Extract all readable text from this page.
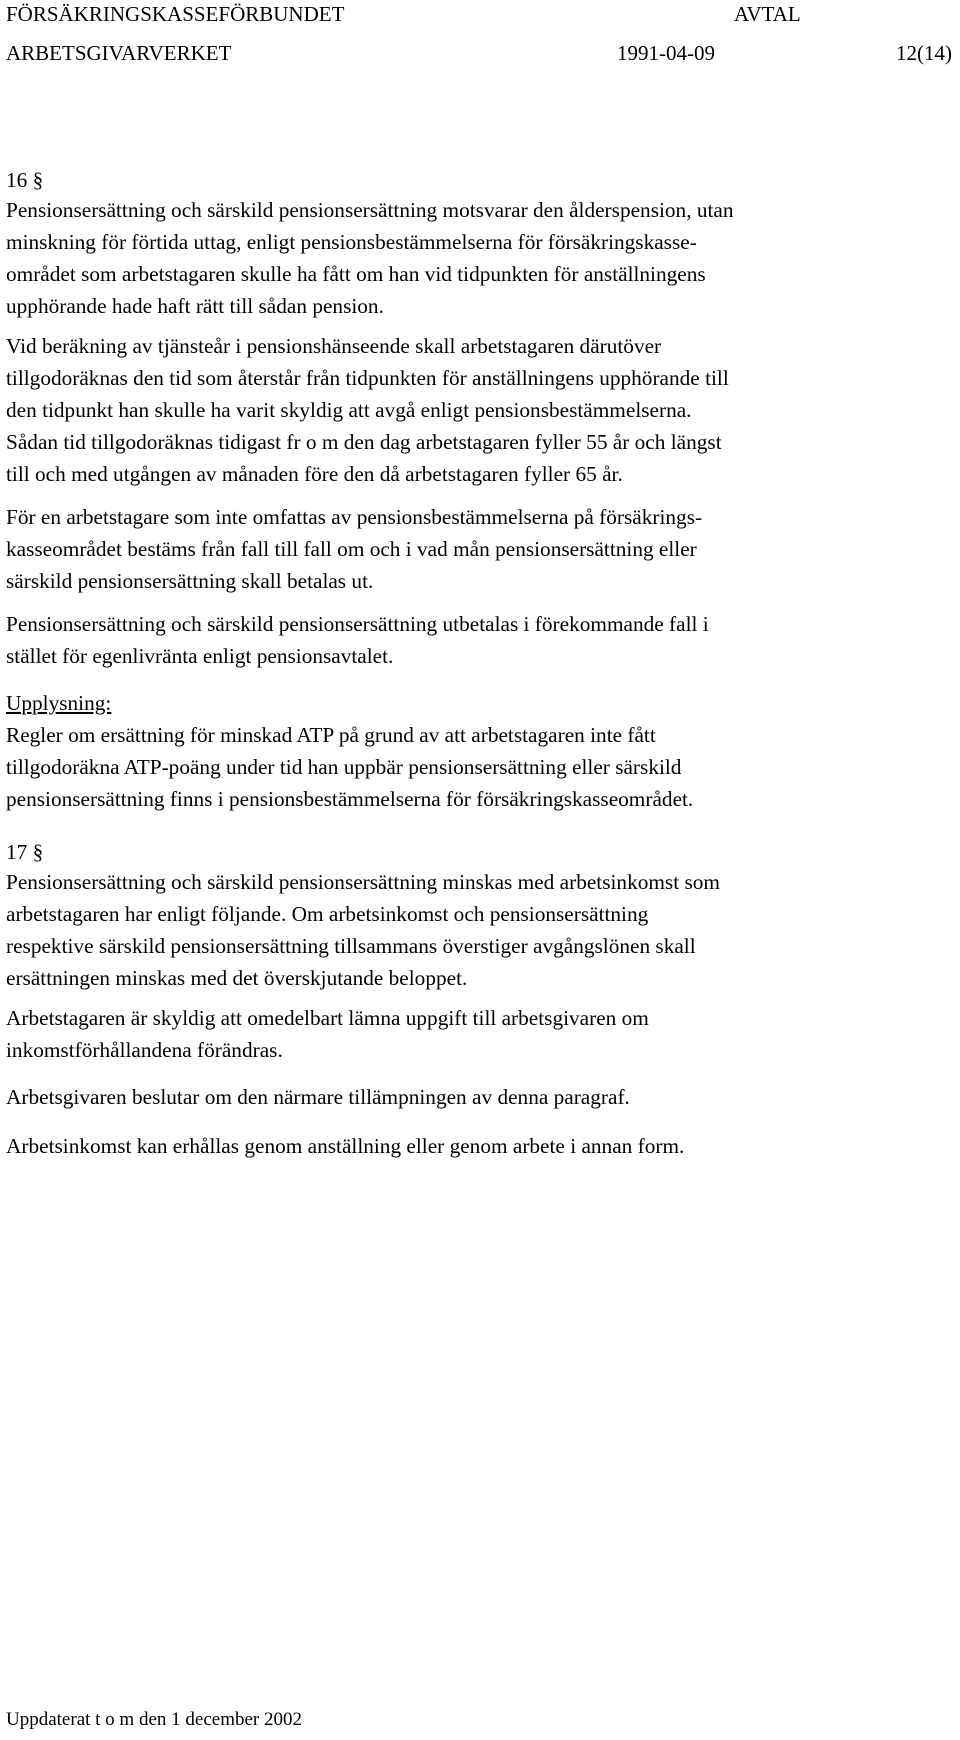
FÖRSÄKRINGSKASSEFÖRBUNDET	AVTAL
ARBETSGIVARVERKET	1991-04-09	12(14)
16 §
Pensionsersättning och särskild pensionsersättning motsvarar den ålderspension, utan
minskning för förtida uttag, enligt pensionsbestämmelserna för försäkringskasse-
området som arbetstagaren skulle ha fått om han vid tidpunkten för anställningens
upphörande hade haft rätt till sådan pension.
Vid beräkning av tjänsteår i pensionshänseende skall arbetstagaren därutöver
tillgodoräknas den tid som återstår från tidpunkten för anställningens upphörande till
den tidpunkt han skulle ha varit skyldig att avgå enligt pensionsbestämmelserna.
Sådan tid tillgodoräknas tidigast fr o m den dag arbetstagaren fyller 55 år och längst
till och med utgången av månaden före den då arbetstagaren fyller 65 år.
För en arbetstagare som inte omfattas av pensionsbestämmelserna på försäkrings-
kasseområdet bestäms från fall till fall om och i vad mån pensionsersättning eller
särskild pensionsersättning skall betalas ut.
Pensionsersättning och särskild pensionsersättning utbetalas i förekommande fall i
stället för egenlivränta enligt pensionsavtalet.
Upplysning:
Regler om ersättning för minskad ATP på grund av att arbetstagaren inte fått
tillgodoräkna ATP-poäng under tid han uppbär pensionsersättning eller särskild
pensionsersättning finns i pensionsbestämmelserna för försäkringskasseområdet.
17 §
Pensionsersättning och särskild pensionsersättning minskas med arbetsinkomst som
arbetstagaren har enligt följande. Om arbetsinkomst och pensionsersättning
respektive särskild pensionsersättning tillsammans överstiger avgångslönen skall
ersättningen minskas med det överskjutande beloppet.
Arbetstagaren är skyldig att omedelbart lämna uppgift till arbetsgivaren om
inkomstförhållandena förändras.
Arbetsgivaren beslutar om den närmare tillämpningen av denna paragraf.
Arbetsinkomst kan erhållas genom anställning eller genom arbete i annan form.
Uppdaterat t o m den 1 december 2002
